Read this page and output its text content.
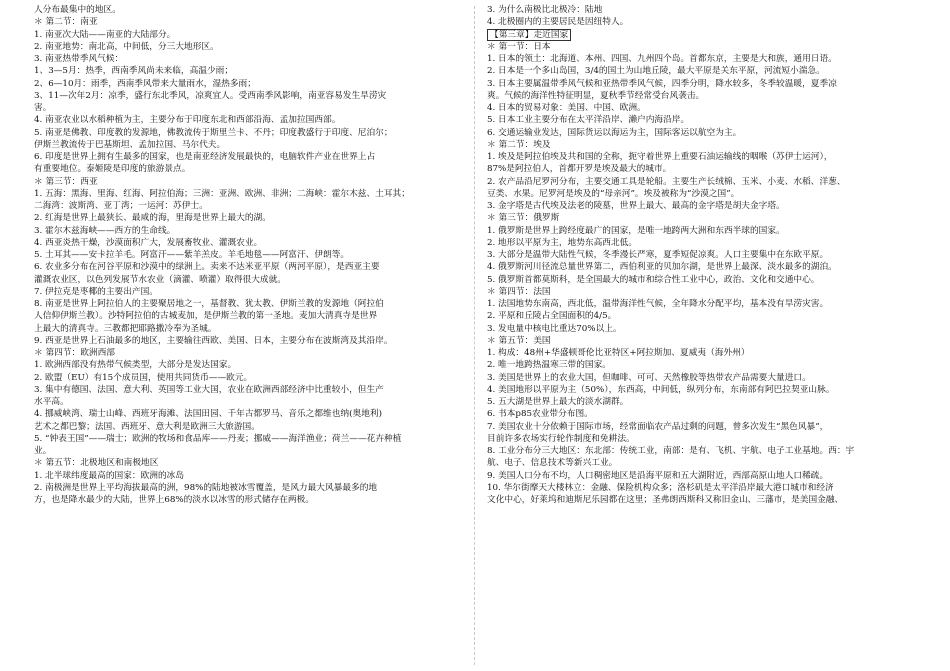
人分布最集中的地区。
＊ 第二节：南亚
1. 南亚次大陆——南亚的大陆部分。
2. 南亚地势：南北高，中间低，分三大地形区。
3. 南亚热带季风气候：
1、3—5月：热季，西南季风尚未来临，高温少雨；
2、6—10月：雨季，西南季风带来大量雨水，湿热多雨；
3、11—次年2月：凉季，盛行东北季风，凉爽宜人。受西南季风影响，南亚容易发生旱涝灾
害。
4. 南亚农业以水稻种植为主，主要分布于印度东北和西部沿海、孟加拉国西部。
5. 南亚是佛教、印度教的发源地，佛教流传于斯里兰卡、不丹；印度教盛行于印度、尼泊尔；
伊斯兰教流传于巴基斯坦、孟加拉国、马尔代夫。
6. 印度是世界上拥有生最多的国家，也是南亚经济发展最快的，电脑软件产业在世界上占
有重要地位。泰姬陵是印度的旅游景点。
＊ 第三节：西亚
1. 五海：黑海、里海、红海、阿拉伯海；三洲：亚洲、欧洲、非洲；二海峡：霍尔木兹、土耳其；
二海湾：波斯湾、亚丁湾；一运河：苏伊士。
2. 红海是世界上最狭长、最咸的海，里海是世界上最大的湖。
3. 霍尔木兹海峡——西方的生命线。
4. 西亚炎热干燥，沙漠面积广大，发展畜牧业、灌溉农业。
5. 土耳其——安卡拉羊毛。阿富汗——紫羊羔皮。羊毛地毯——阿富汗、伊朗等。
6. 农业多分布在河谷平原和沙漠中的绿洲上。卖来不达米亚平原（两河平原），是西亚主要
灌溉农业区，以色列发展节水农业（滴灌、喷灌）取得很大成就。
7. 伊拉克是枣椰的主要出产国。
8. 南亚是世界上阿拉伯人的主要聚居地之一，基督教、犹太教、伊斯兰教的发源地（阿拉伯
人信仰伊斯兰教）。沙特阿拉伯的古城麦加，是伊斯兰教的第一圣地。麦加大清真寺是世界
上最大的清真寺。三教都把耶路撒冷奉为圣城。
9. 西亚是世界上石油最多的地区，主要输往西欧、美国、日本，主要分布在波斯湾及其沿岸。
＊ 第四节：欧洲西部
1. 欧洲西部没有热带气候类型，大部分是发达国家。
2. 欧盟（EU）有15个成员国，使用共同货币——欧元。
3. 集中有德国、法国、意大利、英国等工业大国，农业在欧洲西部经济中比重较小，但生产
水平高。
4. 挪威峡湾、瑞士山峰、西班牙海滩、法国田园、千年古都罗马、音乐之都维也纳(奥地利)
艺术之都巴黎；法国、西班牙、意大利是欧洲三大旅游国。
5. “钟表王国”——瑞士；欧洲的牧场和食品库——丹麦；挪威——海洋渔业；荷兰——花卉种植
业。
＊ 第五节：北极地区和南极地区
1. 北半球纬度最高的国家：欧洲的冰岛
2. 南极洲是世界上平均海拔最高的洲，98%的陆地被冰雪覆盖，是风力最大风暴最多的地
方，也是降水最少的大陆，世界上68%的淡水以冰雪的形式储存在两极。
3. 为什么南极比北极冷：陆地
4. 北极圈内的主要居民是因纽特人。
【第三章】走近国家
＊ 第一节：日本
1. 日本的领土：北海道、本州、四国、九州四个岛。首都东京，主要是大和族，通用日语。
2. 日本是一个多山岛国，3/4的国土为山地丘陵，最大平原是关东平原，河流短小湍急。
3. 日本主要属温带季风气候和亚热带季风气候，四季分明，降水较多，冬季较温暖，夏季凉
爽。气候的海洋性特征明显，夏秋季节经常受台风袭击。
4. 日本的贸易对象：美国、中国、欧洲。
5. 日本工业主要分布在太平洋沿岸、濑户内海沿岸。
6. 交通运输业发达，国际货运以海运为主，国际客运以航空为主。
＊ 第二节：埃及
1. 埃及是阿拉伯埃及共和国的全称，扼守着世界上重要石油运输线的咽喉（苏伊士运河），
87%是阿拉伯人，首都开罗是埃及最大的城市。
2. 农产品沿尼罗河分布，主要交通工具是轮船。主要生产长绒棉、玉米、小麦、水稻、洋葱、
豆类、水果。尼罗河是埃及的“母亲河”。埃及被称为“沙漠之国”。
3. 金字塔是古代埃及法老的陵墓，世界上最大、最高的金字塔是胡夫金字塔。
＊ 第三节：俄罗斯
1. 俄罗斯是世界上跨经度最广的国家，是唯一地跨两大洲和东西半球的国家。
2. 地形以平原为主，地势东高西北低。
3. 大部分是温带大陆性气候，冬季漫长严寒，夏季短促凉爽。人口主要集中在东欧平原。
4. 俄罗斯河川径流总量世界第二，西伯利亚的贝加尔湖，是世界上最深、淡水最多的湖泊。
5. 俄罗斯首都莫斯科，是全国最大的城市和综合性工业中心，政治、文化和交通中心。
＊ 第四节：法国
1. 法国地势东南高，西北低，温带海洋性气候，全年降水分配平均，基本没有旱涝灾害。
2. 平原和丘陵占全国面积的4/5。
3. 发电量中核电比重达70%以上。
＊ 第五节：美国
1. 构成：48州+华盛顿哥伦比亚特区+阿拉斯加、夏威夷（海外州）
2. 唯一地跨热温寒三带的国家。
3. 美国是世界上的农业大国，但咖啡、可可、天然橡胶等热带农产品需要大量进口。
4. 美国地形以平原为主（50%），东西高，中间低，纵列分布，东南部有阿巴拉契亚山脉。
5. 五大湖是世界上最大的淡水湖群。
6. 书本p85农业带分布图。
7. 美国农业十分依赖于国际市场，经常面临农产品过剩的问题，曾多次发生“黑色风暴”，
目前许多农场实行轮作制度和免耕法。
8. 工业分布分三大地区：东北部：传统工业，南部：是有、飞机、宇航、电子工业基地。西：宇
航、电子、信息技术等新兴工业。
9. 美国人口分布不均，人口稠密地区是沿海平原和五大湖附近，西部高原山地人口稀疏。
10. 华尔街摩天大楼林立：金融、保险机构众多；洛杉矶是太平洋沿岸最大港口城市和经济
文化中心，好莱坞和迪斯尼乐园都在这里；圣弗朗西斯科又称旧金山、三藩市，是美国金融、
